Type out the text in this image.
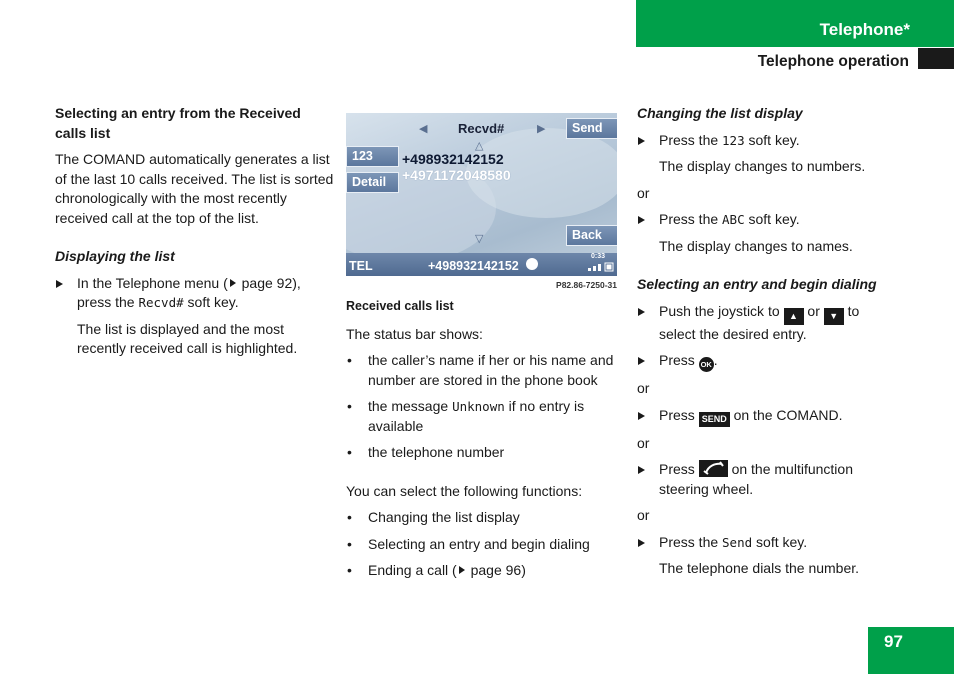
Telephone*
Telephone operation
Selecting an entry from the Received calls list

The COMAND automatically generates a list of the last 10 calls received. The list is sorted chronologically with the most recently received call at the top of the list.

Displaying the list
In the Telephone menu ( page 92), press the Recvd# soft key.
The list is displayed and the most recently received call is highlighted.
◀ Recvd#	▶	Send
△
123	+498932142152
Detail	+4971172048580
Back
▽
TEL	+498932142152
0:33
P82.86-7250-31
Received calls list

The status bar shows:

• the caller’s name if her or his name and number are stored in the phone book
• the message Unknown if no entry is available
• the telephone number

You can select the following functions:

• Changing the list display
• Selecting an entry and begin dialing
• Ending a call ( page 96)
Changing the list display
Press the 123 soft key.
The display changes to numbers.

or

Press the ABC soft key.
The display changes to names.
Selecting an entry and begin dialing
Push the joystick to ▲ or ▼ to select the desired entry.
Press OK .

or

Press SEND on the COMAND.

or

Press  on the multifunction steering wheel.

or

Press the Send soft key.
The telephone dials the number.
97
